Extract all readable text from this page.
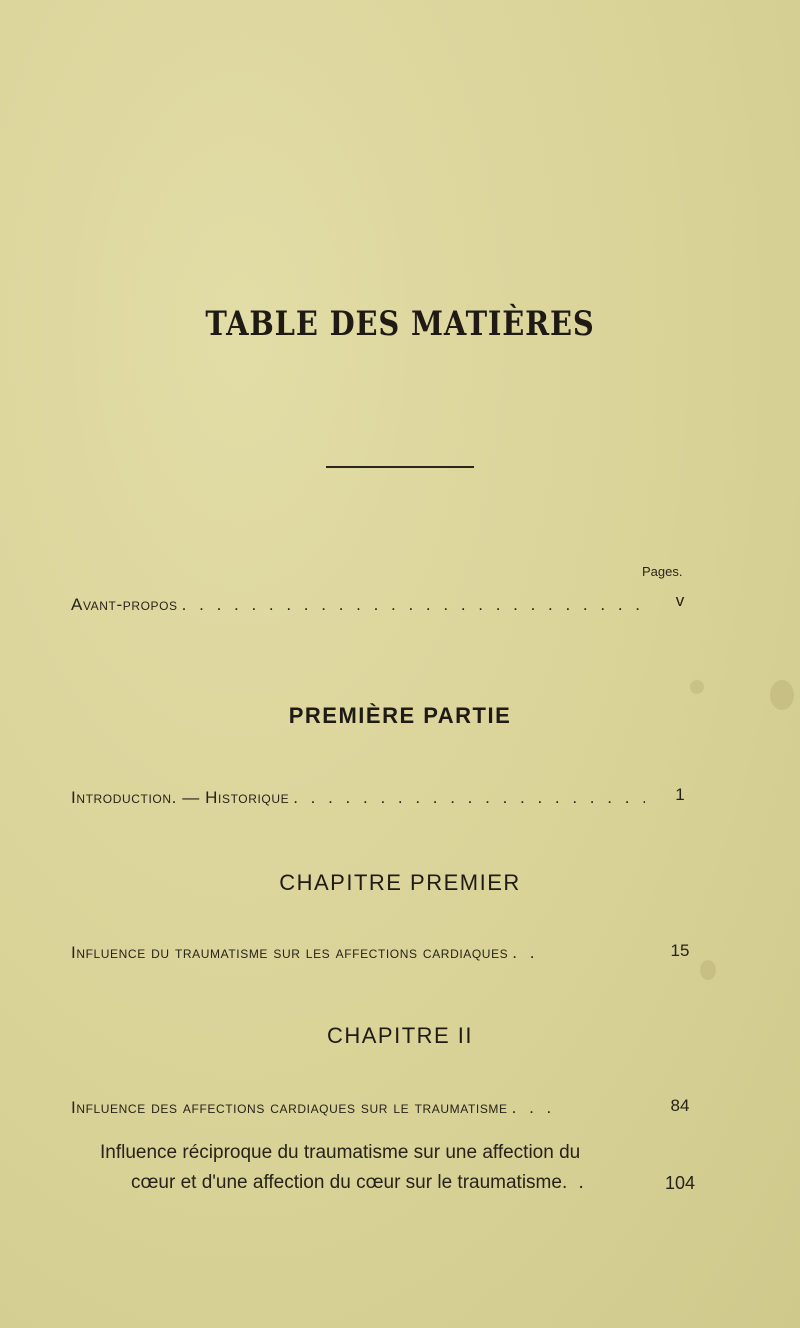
TABLE DES MATIÈRES
Pages.
Avant-propos . . .	v
PREMIÈRE PARTIE
Introduction. — Historique . . .	1
CHAPITRE PREMIER
Influence du traumatisme sur les affections cardiaques . .	15
CHAPITRE II
Influence des affections cardiaques sur le traumatisme . . .	84
Influence réciproque du traumatisme sur une affection du
cœur et d'une affection du cœur sur le traumatisme. .	104
